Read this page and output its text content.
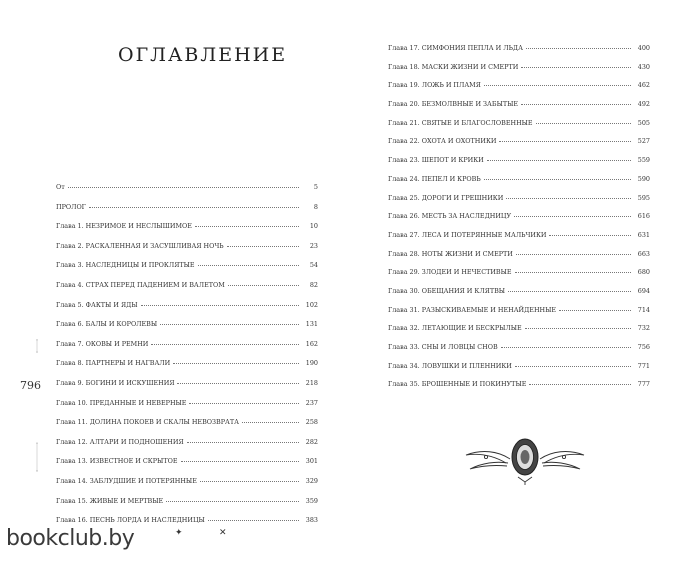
ОГЛАВЛЕНИЕ
От	5
ПРОЛОГ	8
Глава 1. НЕЗРИМОЕ И НЕСЛЫШИМОЕ	10
Глава 2. РАСКАЛЕННАЯ И ЗАСУШЛИВАЯ НОЧЬ	23
Глава 3. НАСЛЕДНИЦЫ И ПРОКЛЯТЫЕ	54
Глава 4. СТРАХ ПЕРЕД ПАДЕНИЕМ И ВАЛЕТОМ	82
Глава 5. ФАКТЫ И ЯДЫ	102
Глава 6. БАЛЫ И КОРОЛЕВЫ	131
Глава 7. ОКОВЫ И РЕМНИ	162
Глава 8. ПАРТНЕРЫ И НАГВАЛИ	190
Глава 9. БОГИНИ И ИСКУШЕНИЯ	218
Глава 10. ПРЕДАННЫЕ И НЕВЕРНЫЕ	237
Глава 11. ДОЛИНА ПОКОЕВ И СКАЛЫ НЕВОЗВРАТА	258
Глава 12. АЛТАРИ И ПОДНОШЕНИЯ	282
Глава 13. ИЗВЕСТНОЕ И СКРЫТОЕ	301
Глава 14. ЗАБЛУДШИЕ И ПОТЕРЯННЫЕ	329
Глава 15. ЖИВЫЕ И МЕРТВЫЕ	359
Глава 16. ПЕСНЬ ЛОРДА И НАСЛЕДНИЦЫ	383
796
bookclub.by	✦	✕
Глава 17. СИМФОНИЯ ПЕПЛА И ЛЬДА	400
Глава 18. МАСКИ ЖИЗНИ И СМЕРТИ	430
Глава 19. ЛОЖЬ И ПЛАМЯ	462
Глава 20. БЕЗМОЛВНЫЕ И ЗАБЫТЫЕ	492
Глава 21. СВЯТЫЕ И БЛАГОСЛОВЕННЫЕ	505
Глава 22. ОХОТА И ОХОТНИКИ	527
Глава 23. ШЕПОТ И КРИКИ	559
Глава 24. ПЕПЕЛ И КРОВЬ	590
Глава 25. ДОРОГИ И ГРЕШНИКИ	595
Глава 26. МЕСТЬ ЗА НАСЛЕДНИЦУ	616
Глава 27. ЛЕСА И ПОТЕРЯННЫЕ МАЛЬЧИКИ	631
Глава 28. НОТЫ ЖИЗНИ И СМЕРТИ	663
Глава 29. ЗЛОДЕИ И НЕЧЕСТИВЫЕ	680
Глава 30. ОБЕЩАНИЯ И КЛЯТВЫ	694
Глава 31. РАЗЫСКИВАЕМЫЕ И НЕНАЙДЕННЫЕ	714
Глава 32. ЛЕТАЮЩИЕ И БЕСКРЫЛЫЕ	732
Глава 33. СНЫ И ЛОВЦЫ СНОВ	756
Глава 34. ЛОВУШКИ И ПЛЕННИКИ	771
Глава 35. БРОШЕННЫЕ И ПОКИНУТЫЕ	777
